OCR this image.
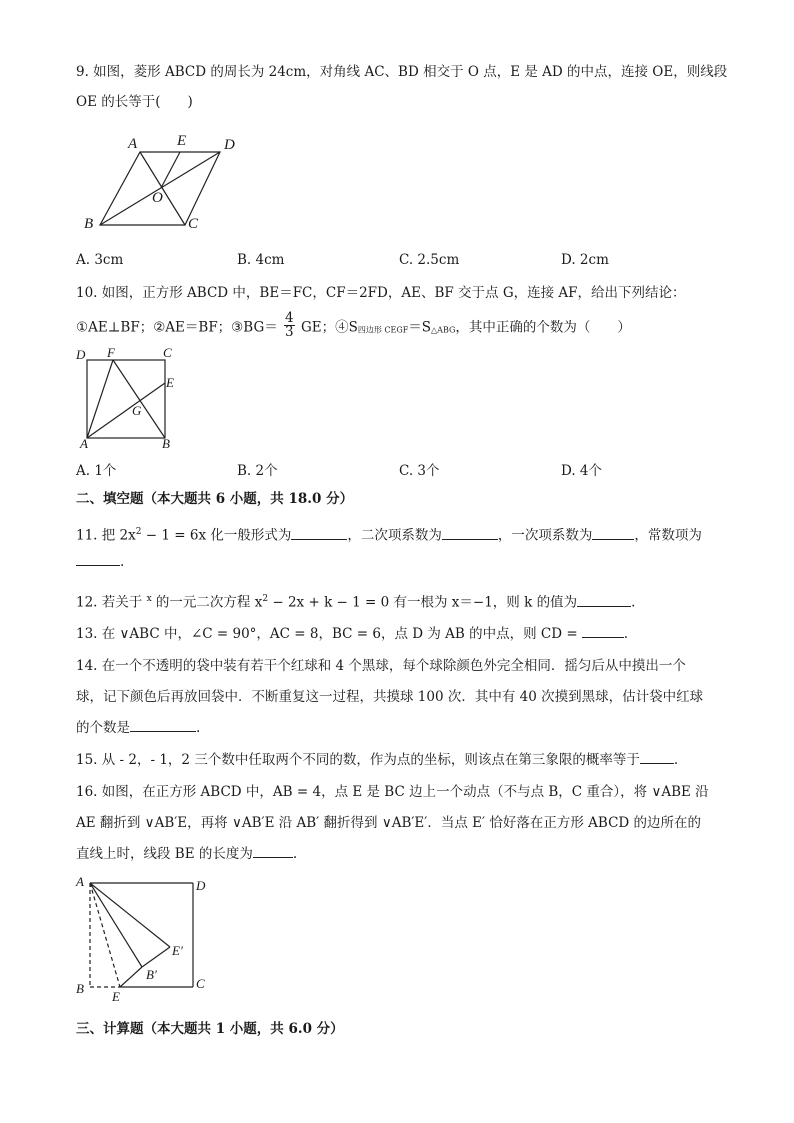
9. 如图，菱形 ABCD 的周长为 24cm，对角线 AC、BD 相交于 O 点，E 是 AD 的中点，连接 OE，则线段
OE 的长等于(　　)
A	E	D
O
B	C
A. 3cm	B. 4cm	C. 2.5cm	D. 2cm
10. 如图，正方形 ABCD 中，BE＝FC，CF＝2FD，AE、BF 交于点 G，连接 AF，给出下列结论：
①AE⊥BF；②AE＝BF；③BG＝ $\frac{4}{3}$ GE；$④S_{四边形 CEGF}=S_{\triangle ABG}$，其中正确的个数为（　　）
D F	C
E
G
A	B
A. 1个	B. 2个	C. 3个	D. 4个
二、填空题（本大题共 6 小题，共 18.0 分）
11. 把 $2x^2 - 1 = 6x$ 化一般形式为	，二次项系数为	，一次项系数为	，常数项为
.
12. 若关于 $^x$ 的一元二次方程 $x^2 - 2x + k - 1 = 0$ 有一根为 x＝−1，则 k 的值为	.
13. 在 ∨ABC 中，∠C = 90°，AC = 8，BC = 6，点 D 为 AB 的中点，则 CD =	.
14. 在一个不透明的袋中装有若干个红球和 4 个黑球，每个球除颜色外完全相同．摇匀后从中摸出一个
球，记下颜色后再放回袋中．不断重复这一过程，共摸球 100 次．其中有 40 次摸到黑球，估计袋中红球
的个数是	.
15. 从 - 2，- 1，2 三个数中任取两个不同的数，作为点的坐标，则该点在第三象限的概率等于	.
16. 如图，在正方形 ABCD 中，AB = 4，点 E 是 BC 边上一个动点（不与点 B，C 重合），将 ∨ABE 沿
AE 翻折到 ∨AB′E，再将 ∨AB′E 沿 AB′ 翻折得到 ∨AB′E′．当点 E′ 恰好落在正方形 ABCD 的边所在的
直线上时，线段 BE 的长度为	.
A	D
E′
B′
B
E
C
三、计算题（本大题共 1 小题，共 6.0 分）
